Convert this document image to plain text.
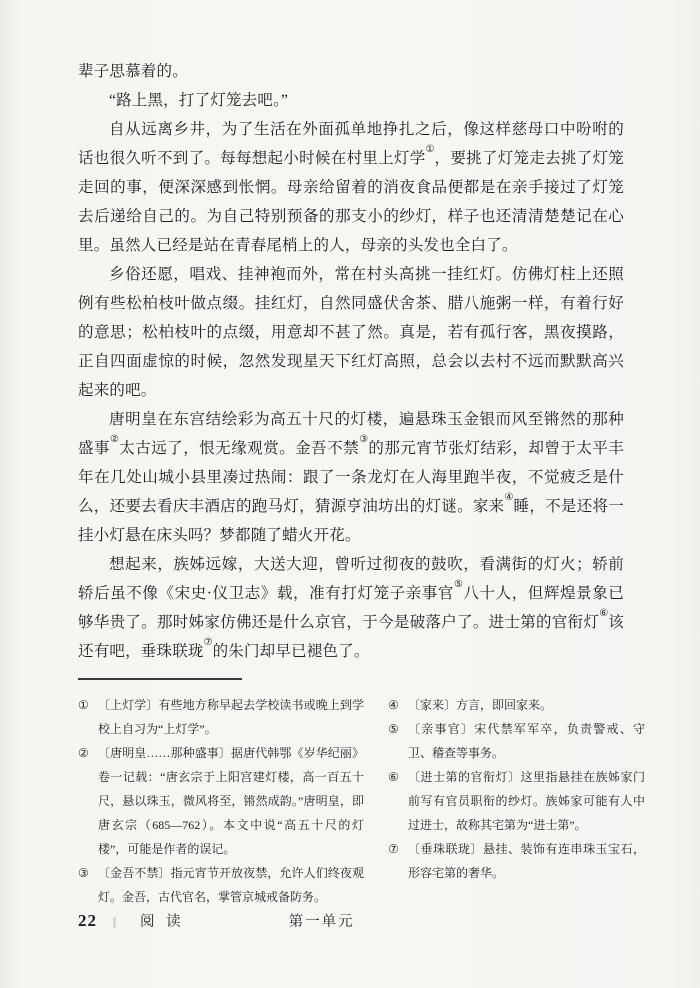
辈子思慕着的。

“路上黑，打了灯笼去吧。”

自从远离乡井，为了生活在外面孤单地挣扎之后，像这样慈母口中吩咐的话也很久听不到了。每每想起小时候在村里上灯学①，要挑了灯笼走去挑了灯笼走回的事，便深深感到怅惘。母亲给留着的消夜食品便都是在亲手接过了灯笼去后递给自己的。为自己特别预备的那支小的纱灯，样子也还清清楚楚记在心里。虽然人已经是站在青春尾梢上的人，母亲的头发也全白了。

乡俗还愿，唱戏、挂神袍而外，常在村头高挑一挂红灯。仿佛灯柱上还照例有些松柏枝叶做点缀。挂红灯，自然同盛伏舍茶、腊八施粥一样，有着行好的意思；松柏枝叶的点缀，用意却不甚了然。真是，若有孤行客，黑夜摸路，正自四面虚惊的时候，忽然发现星天下红灯高照，总会以去村不远而默默高兴起来的吧。

唐明皇在东宫结绘彩为高五十尺的灯楼，遍悬珠玉金银而风至锵然的那种盛事②太古远了，恨无缘观赏。金吾不禁③的那元宵节张灯结彩，却曾于太平丰年在几处山城小县里凑过热闹：跟了一条龙灯在人海里跑半夜，不觉疲乏是什么，还要去看庆丰酒店的跑马灯，猜源亨油坊出的灯谜。家来④睡，不是还将一挂小灯悬在床头吗？梦都随了蜡火开花。

想起来，族姊远嫁，大送大迎，曾听过彻夜的鼓吹，看满街的灯火；轿前轿后虽不像《宋史·仪卫志》载，准有打灯笼子亲事官⑤八十人，但辉煌景象已够华贵了。那时姊家仿佛还是什么京官，于今是破落户了。进士第的官衔灯⑥该还有吧，垂珠联珑⑦的朱门却早已褪色了。

① 〔上灯学〕有些地方称早起去学校读书或晚上到学校上自习为“上灯学”。
② 〔唐明皇……那种盛事〕据唐代韩鄂《岁华纪丽》卷一记载：“唐玄宗于上阳宫建灯楼，高一百五十尺，悬以珠玉，微风将至，锵然成韵。”唐明皇，即唐玄宗（685—762）。本文中说“高五十尺的灯楼”，可能是作者的误记。
③ 〔金吾不禁〕指元宵节开放夜禁，允许人们终夜观灯。金吾，古代官名，掌管京城戒备防务。
④ 〔家来〕方言，即回家来。
⑤ 〔亲事官〕宋代禁军军卒，负责警戒、守卫、稽查等事务。
⑥ 〔进士第的官衔灯〕这里指悬挂在族姊家门前写有官员职衔的纱灯。族姊家可能有人中过进士，故称其宅第为“进士第”。
⑦ 〔垂珠联珑〕悬挂、装饰有连串珠玉宝石，形容宅第的奢华。
22	阅 读	第一单元
